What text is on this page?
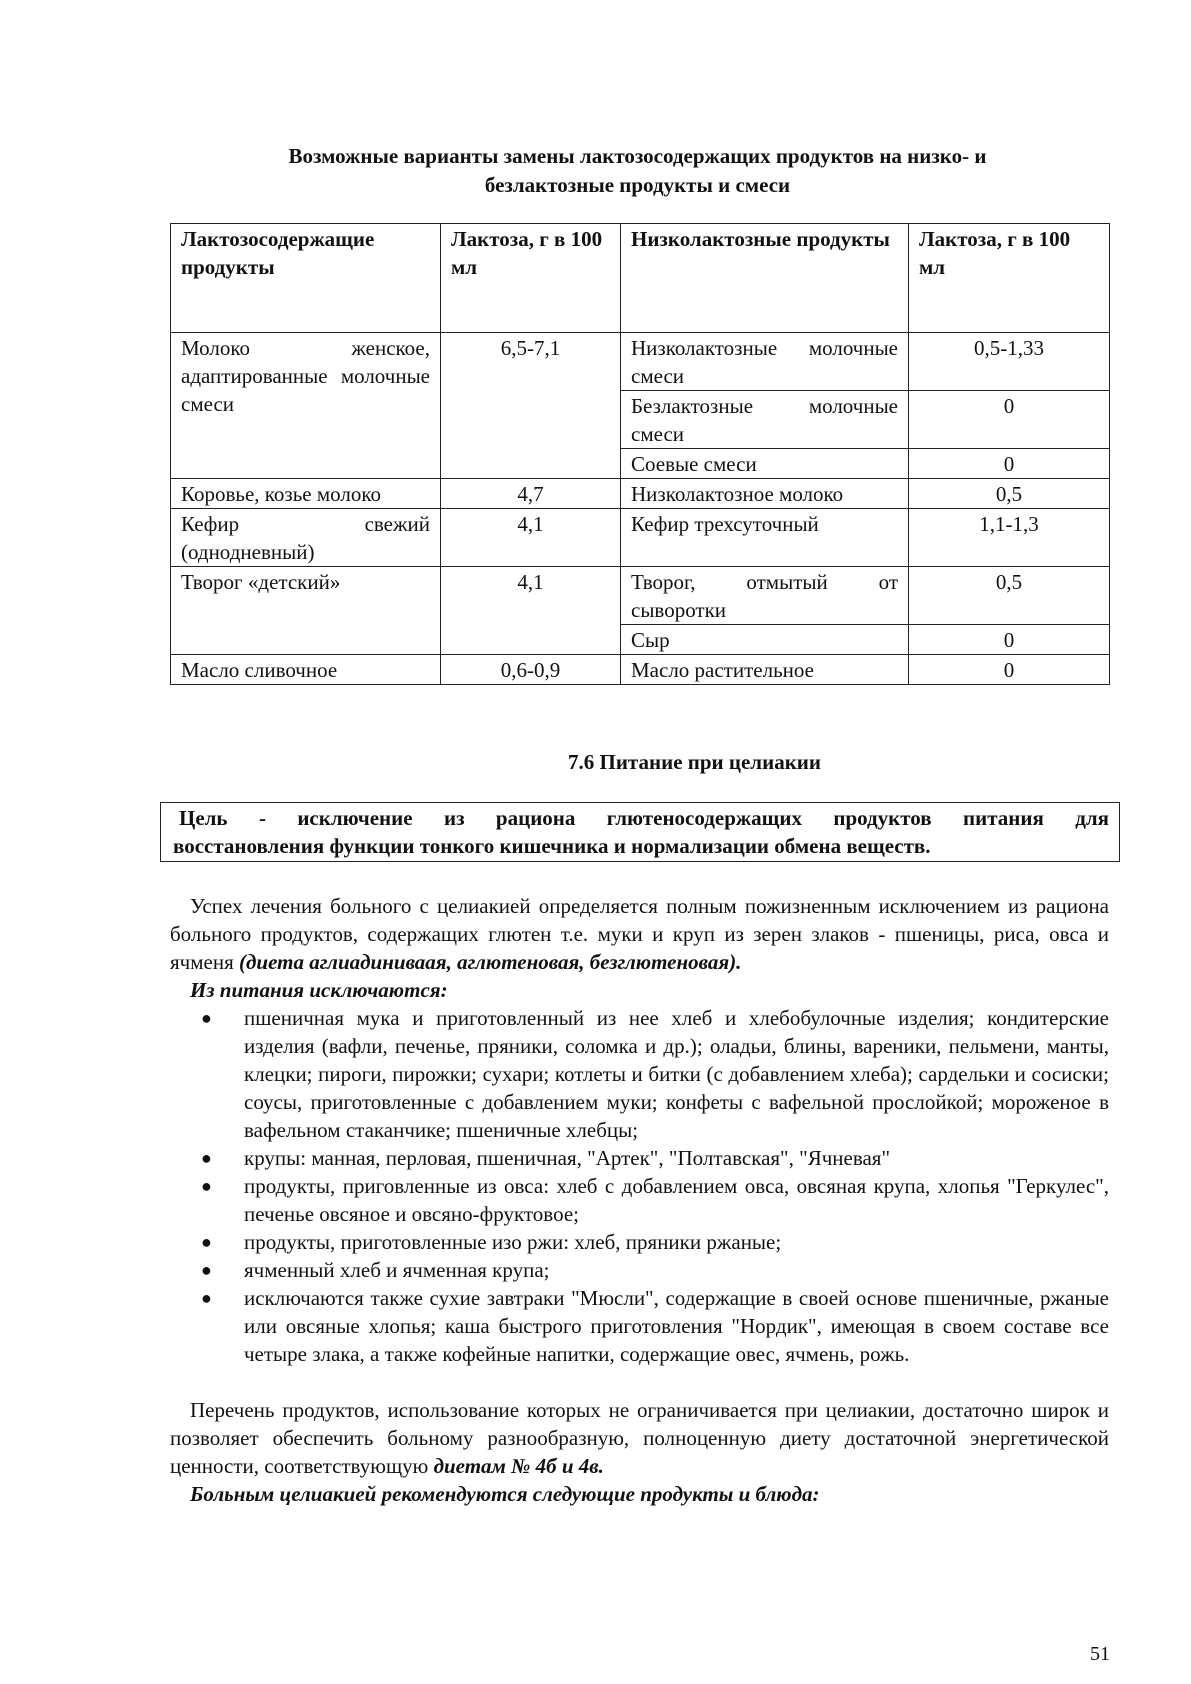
Возможные варианты замены лактозосодержащих продуктов на низко- и
безлактозные продукты и смеси
Лактозосодержащие продукты	Лактоза, г в 100 мл	Низколактозные продукты	Лактоза, г в 100 мл
Молоко женское, адаптированные молочные смеси	6,5-7,1	Низколактозные молочные смеси	0,5-1,33
		Безлактозные молочные смеси	0
		Соевые смеси	0
Коровье, козье молоко	4,7	Низколактозное молоко	0,5
Кефир свежий (однодневный)	4,1	Кефир трехсуточный	1,1-1,3
Творог «детский»	4,1	Творог, отмытый от сыворотки	0,5
		Сыр	0
Масло сливочное	0,6-0,9	Масло растительное	0
7.6 Питание при целиакии
Цель - исключение из рациона глютеносодержащих продуктов питания для
восстановления функции тонкого кишечника и нормализации обмена веществ.

Успех лечения больного с целиакией определяется полным пожизненным исключением из рациона больного продуктов, содержащих глютен т.е. муки и круп из зерен злаков - пшеницы, риса, овса и ячменя (диета аглиадиниваая, аглютеновая, безглютеновая).

Из питания исключаются:

● пшеничная мука и приготовленный из нее хлеб и хлебобулочные изделия; кондитерские изделия (вафли, печенье, пряники, соломка и др.); оладьи, блины, вареники, пельмени, манты, клецки; пироги, пирожки; сухари; котлеты и битки (с добавлением хлеба); сардельки и сосиски; соусы, приготовленные с добавлением муки; конфеты с вафельной прослойкой; мороженое в вафельном стаканчике; пшеничные хлебцы;
● крупы: манная, перловая, пшеничная, "Артек", "Полтавская", "Ячневая"
● продукты, приговленные из овса: хлеб с добавлением овса, овсяная крупа, хлопья "Геркулес", печенье овсяное и овсяно-фруктовое;
● продукты, приготовленные изо ржи: хлеб, пряники ржаные;
● ячменный хлеб и ячменная крупа;
● исключаются также сухие завтраки "Мюсли", содержащие в своей основе пшеничные, ржаные или овсяные хлопья; каша быстрого приготовления "Нордик", имеющая в своем составе все четыре злака, а также кофейные напитки, содержащие овес, ячмень, рожь.

Перечень продуктов, использование которых не ограничивается при целиакии, достаточно широк и позволяет обеспечить больному разнообразную, полноценную диету достаточной энергетической ценности, соответствующую диетам № 4б и 4в.

Больным целиакией рекомендуются следующие продукты и блюда:

51
